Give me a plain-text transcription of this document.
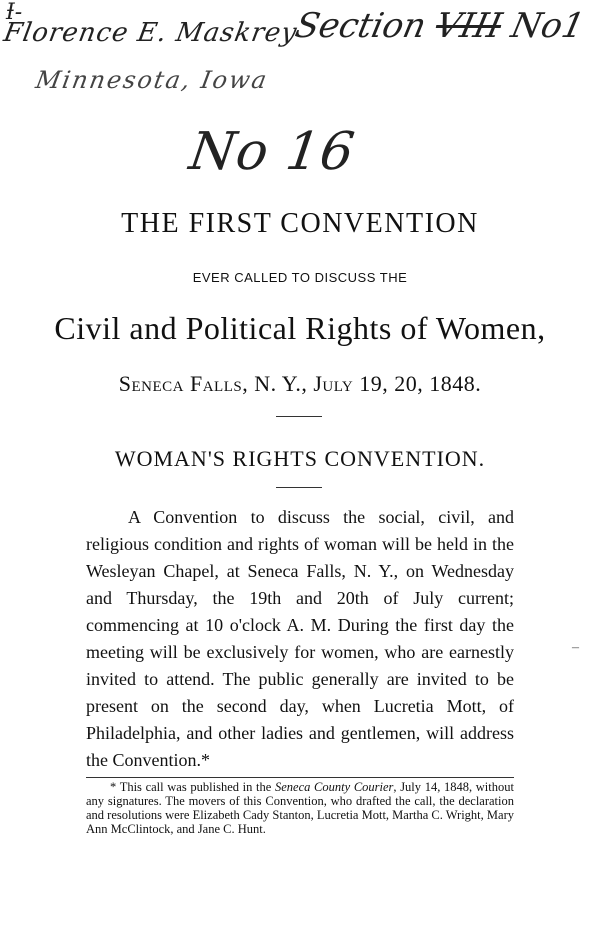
Ɨ-
Florence E. Maskrey
Minnesota, Iowa
Section VIII No1
No 16
THE FIRST CONVENTION
EVER CALLED TO DISCUSS THE
Civil and Political Rights of Women,
Seneca Falls, N. Y., July 19, 20, 1848.
WOMAN'S RIGHTS CONVENTION.

A Convention to discuss the social, civil, and religious condition and rights of woman will be held in the Wesleyan Chapel, at Seneca Falls, N. Y., on Wednesday and Thursday, the 19th and 20th of July current; commencing at 10 o'clock A. M. During the first day the meeting will be exclusively for women, who are earnestly invited to attend. The public generally are invited to be present on the second day, when Lucretia Mott, of Philadelphia, and other ladies and gentlemen, will address the Convention.*

* This call was published in the Seneca County Courier, July 14, 1848, without any signatures. The movers of this Convention, who drafted the call, the declaration and resolutions were Elizabeth Cady Stanton, Lucretia Mott, Martha C. Wright, Mary Ann McClintock, and Jane C. Hunt.

–
